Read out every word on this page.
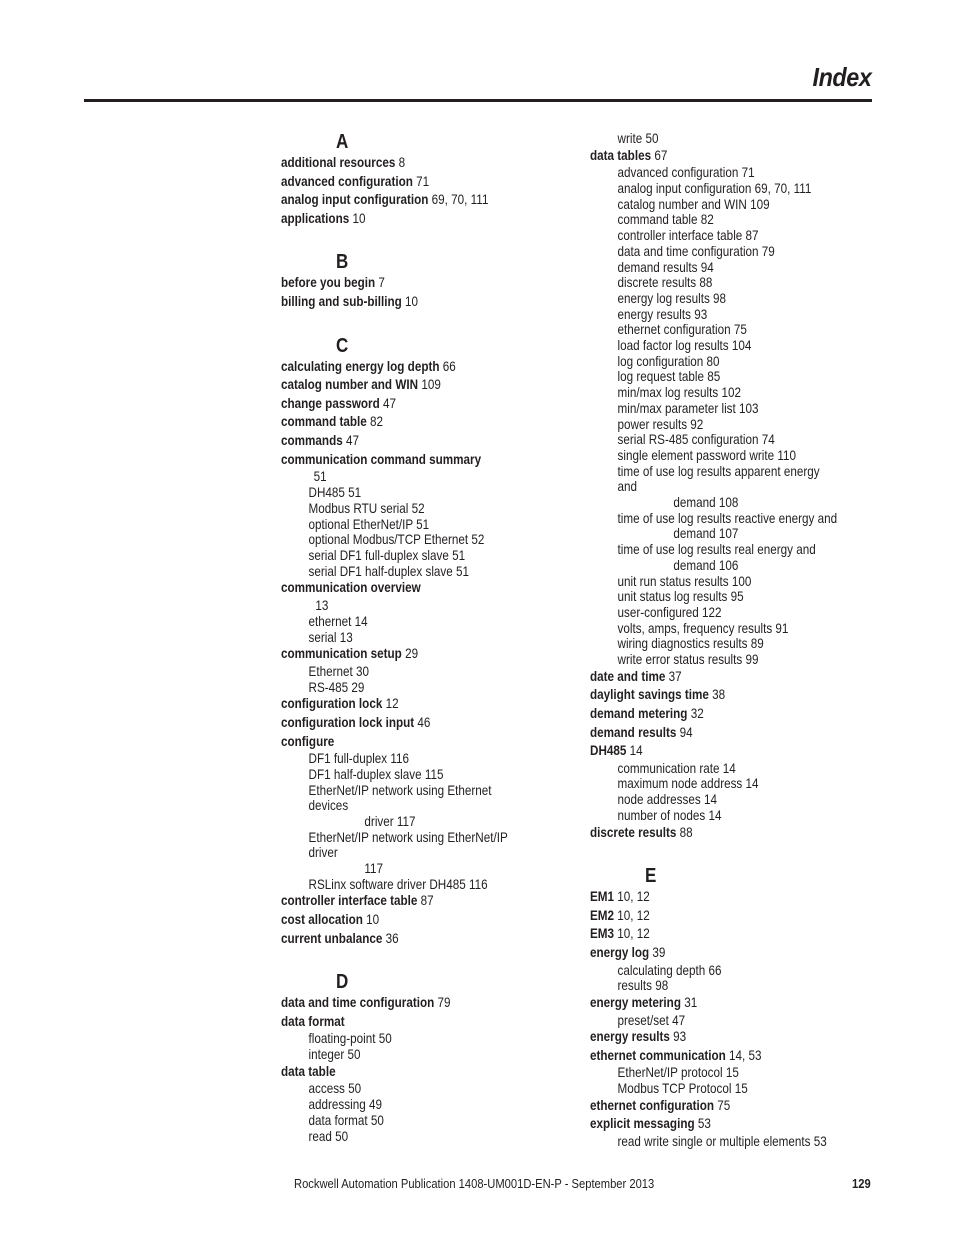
Index
A
additional resources 8
advanced configuration 71
analog input configuration 69, 70, 111
applications 10
B
before you begin 7
billing and sub-billing 10
C
calculating energy log depth 66
catalog number and WIN 109
change password 47
command table 82
commands 47
communication command summary
51
DH485 51
Modbus RTU serial 52
optional EtherNet/IP 51
optional Modbus/TCP Ethernet 52
serial DF1 full-duplex slave 51
serial DF1 half-duplex slave 51
communication overview
13
ethernet 14
serial 13
communication setup 29
Ethernet 30
RS-485 29
configuration lock 12
configuration lock input 46
configure
DF1 full-duplex 116
DF1 half-duplex slave 115
EtherNet/IP network using Ethernet devices
driver 117
EtherNet/IP network using EtherNet/IP driver
117
RSLinx software driver DH485 116
controller interface table 87
cost allocation 10
current unbalance 36
D
data and time configuration 79
data format
floating-point 50
integer 50
data table
access 50
addressing 49
data format 50
read 50
write 50
data tables 67
advanced configuration 71
analog input configuration 69, 70, 111
catalog number and WIN 109
command table 82
controller interface table 87
data and time configuration 79
demand results 94
discrete results 88
energy log results 98
energy results 93
ethernet configuration 75
load factor log results 104
log configuration 80
log request table 85
min/max log results 102
min/max parameter list 103
power results 92
serial RS-485 configuration 74
single element password write 110
time of use log results apparent energy and
demand 108
time of use log results reactive energy and
demand 107
time of use log results real energy and
demand 106
unit run status results 100
unit status log results 95
user-configured 122
volts, amps, frequency results 91
wiring diagnostics results 89
write error status results 99
date and time 37
daylight savings time 38
demand metering 32
demand results 94
DH485 14
communication rate 14
maximum node address 14
node addresses 14
number of nodes 14
discrete results 88
E
EM1 10, 12
EM2 10, 12
EM3 10, 12
energy log 39
calculating depth 66
results 98
energy metering 31
preset/set 47
energy results 93
ethernet communication 14, 53
EtherNet/IP protocol 15
Modbus TCP Protocol 15
ethernet configuration 75
explicit messaging 53
read write single or multiple elements 53
Rockwell Automation Publication 1408-UM001D-EN-P - September 2013	129
